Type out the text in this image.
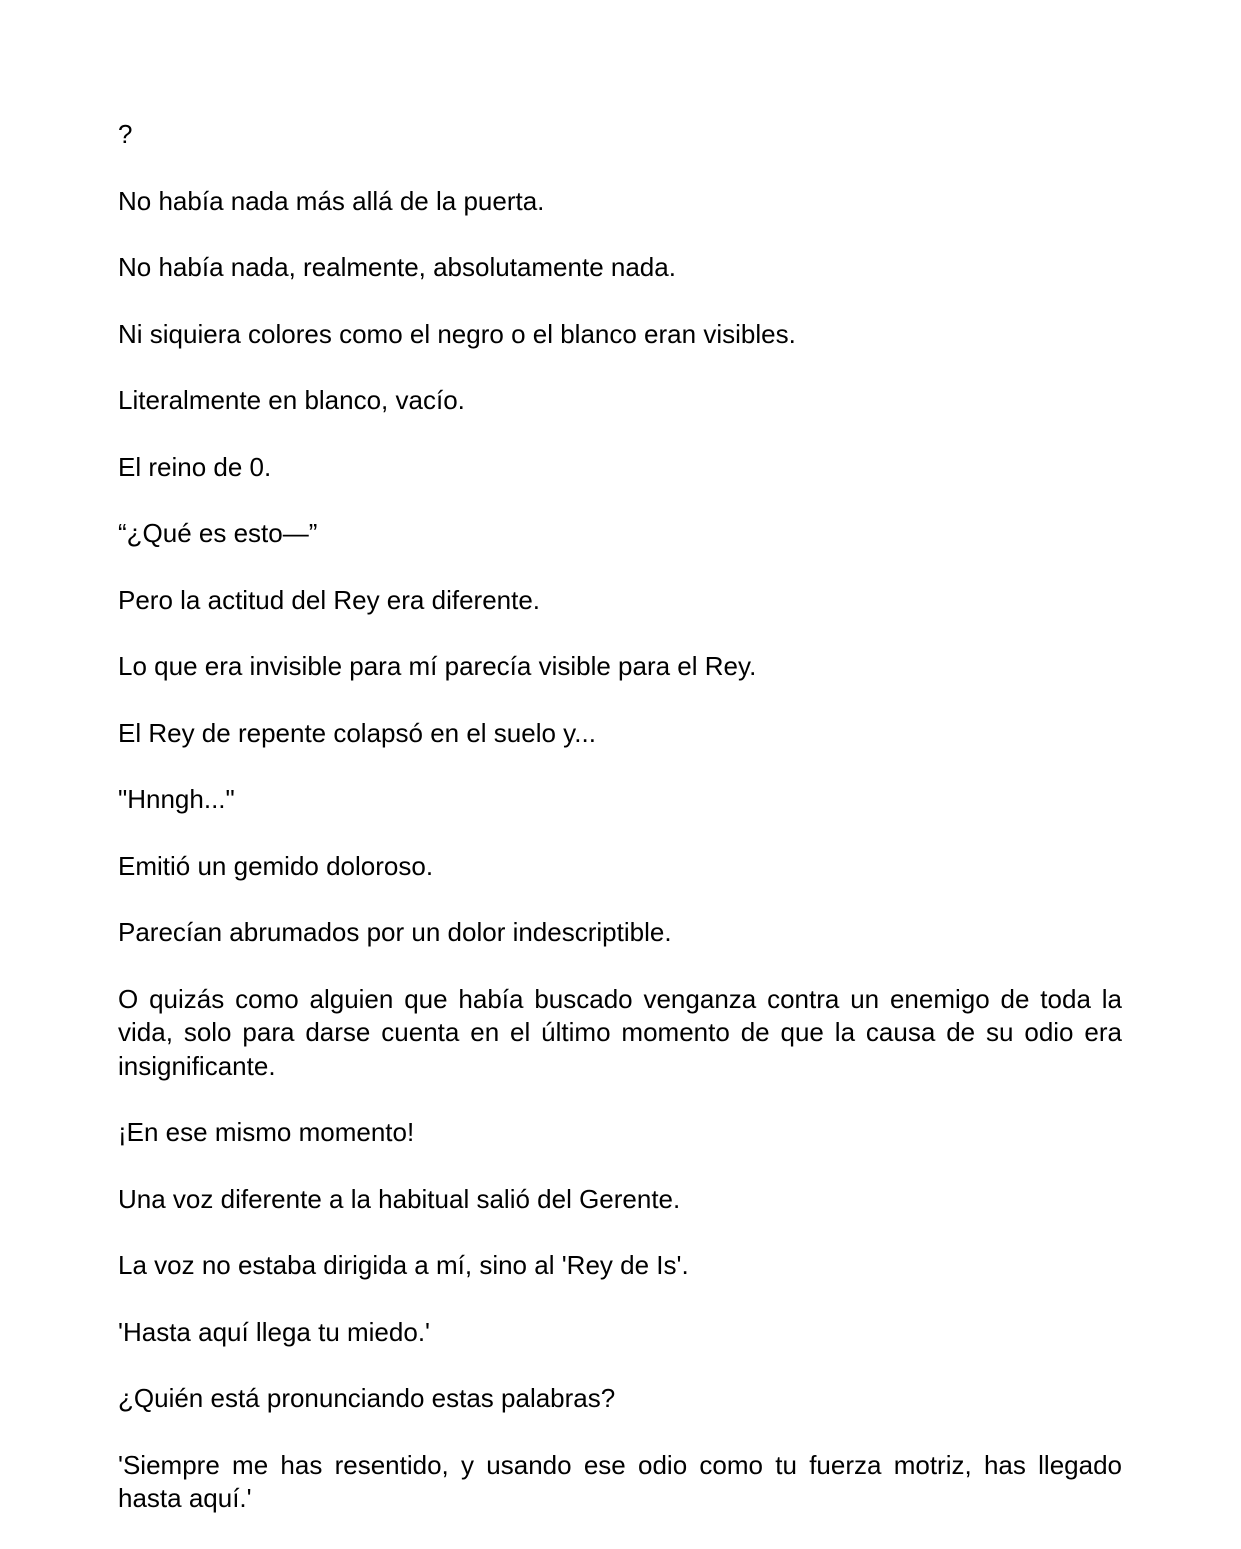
?

No había nada más allá de la puerta.

No había nada, realmente, absolutamente nada.

Ni siquiera colores como el negro o el blanco eran visibles.

Literalmente en blanco, vacío.

El reino de 0.

“¿Qué es esto—”

Pero la actitud del Rey era diferente.

Lo que era invisible para mí parecía visible para el Rey.

El Rey de repente colapsó en el suelo y...

"Hnngh..."

Emitió un gemido doloroso.

Parecían abrumados por un dolor indescriptible.

O quizás como alguien que había buscado venganza contra un enemigo de toda la vida, solo para darse cuenta en el último momento de que la causa de su odio era insignificante.

¡En ese mismo momento!

Una voz diferente a la habitual salió del Gerente.

La voz no estaba dirigida a mí, sino al 'Rey de Is'.

'Hasta aquí llega tu miedo.'

¿Quién está pronunciando estas palabras?

'Siempre me has resentido, y usando ese odio como tu fuerza motriz, has llegado hasta aquí.'
